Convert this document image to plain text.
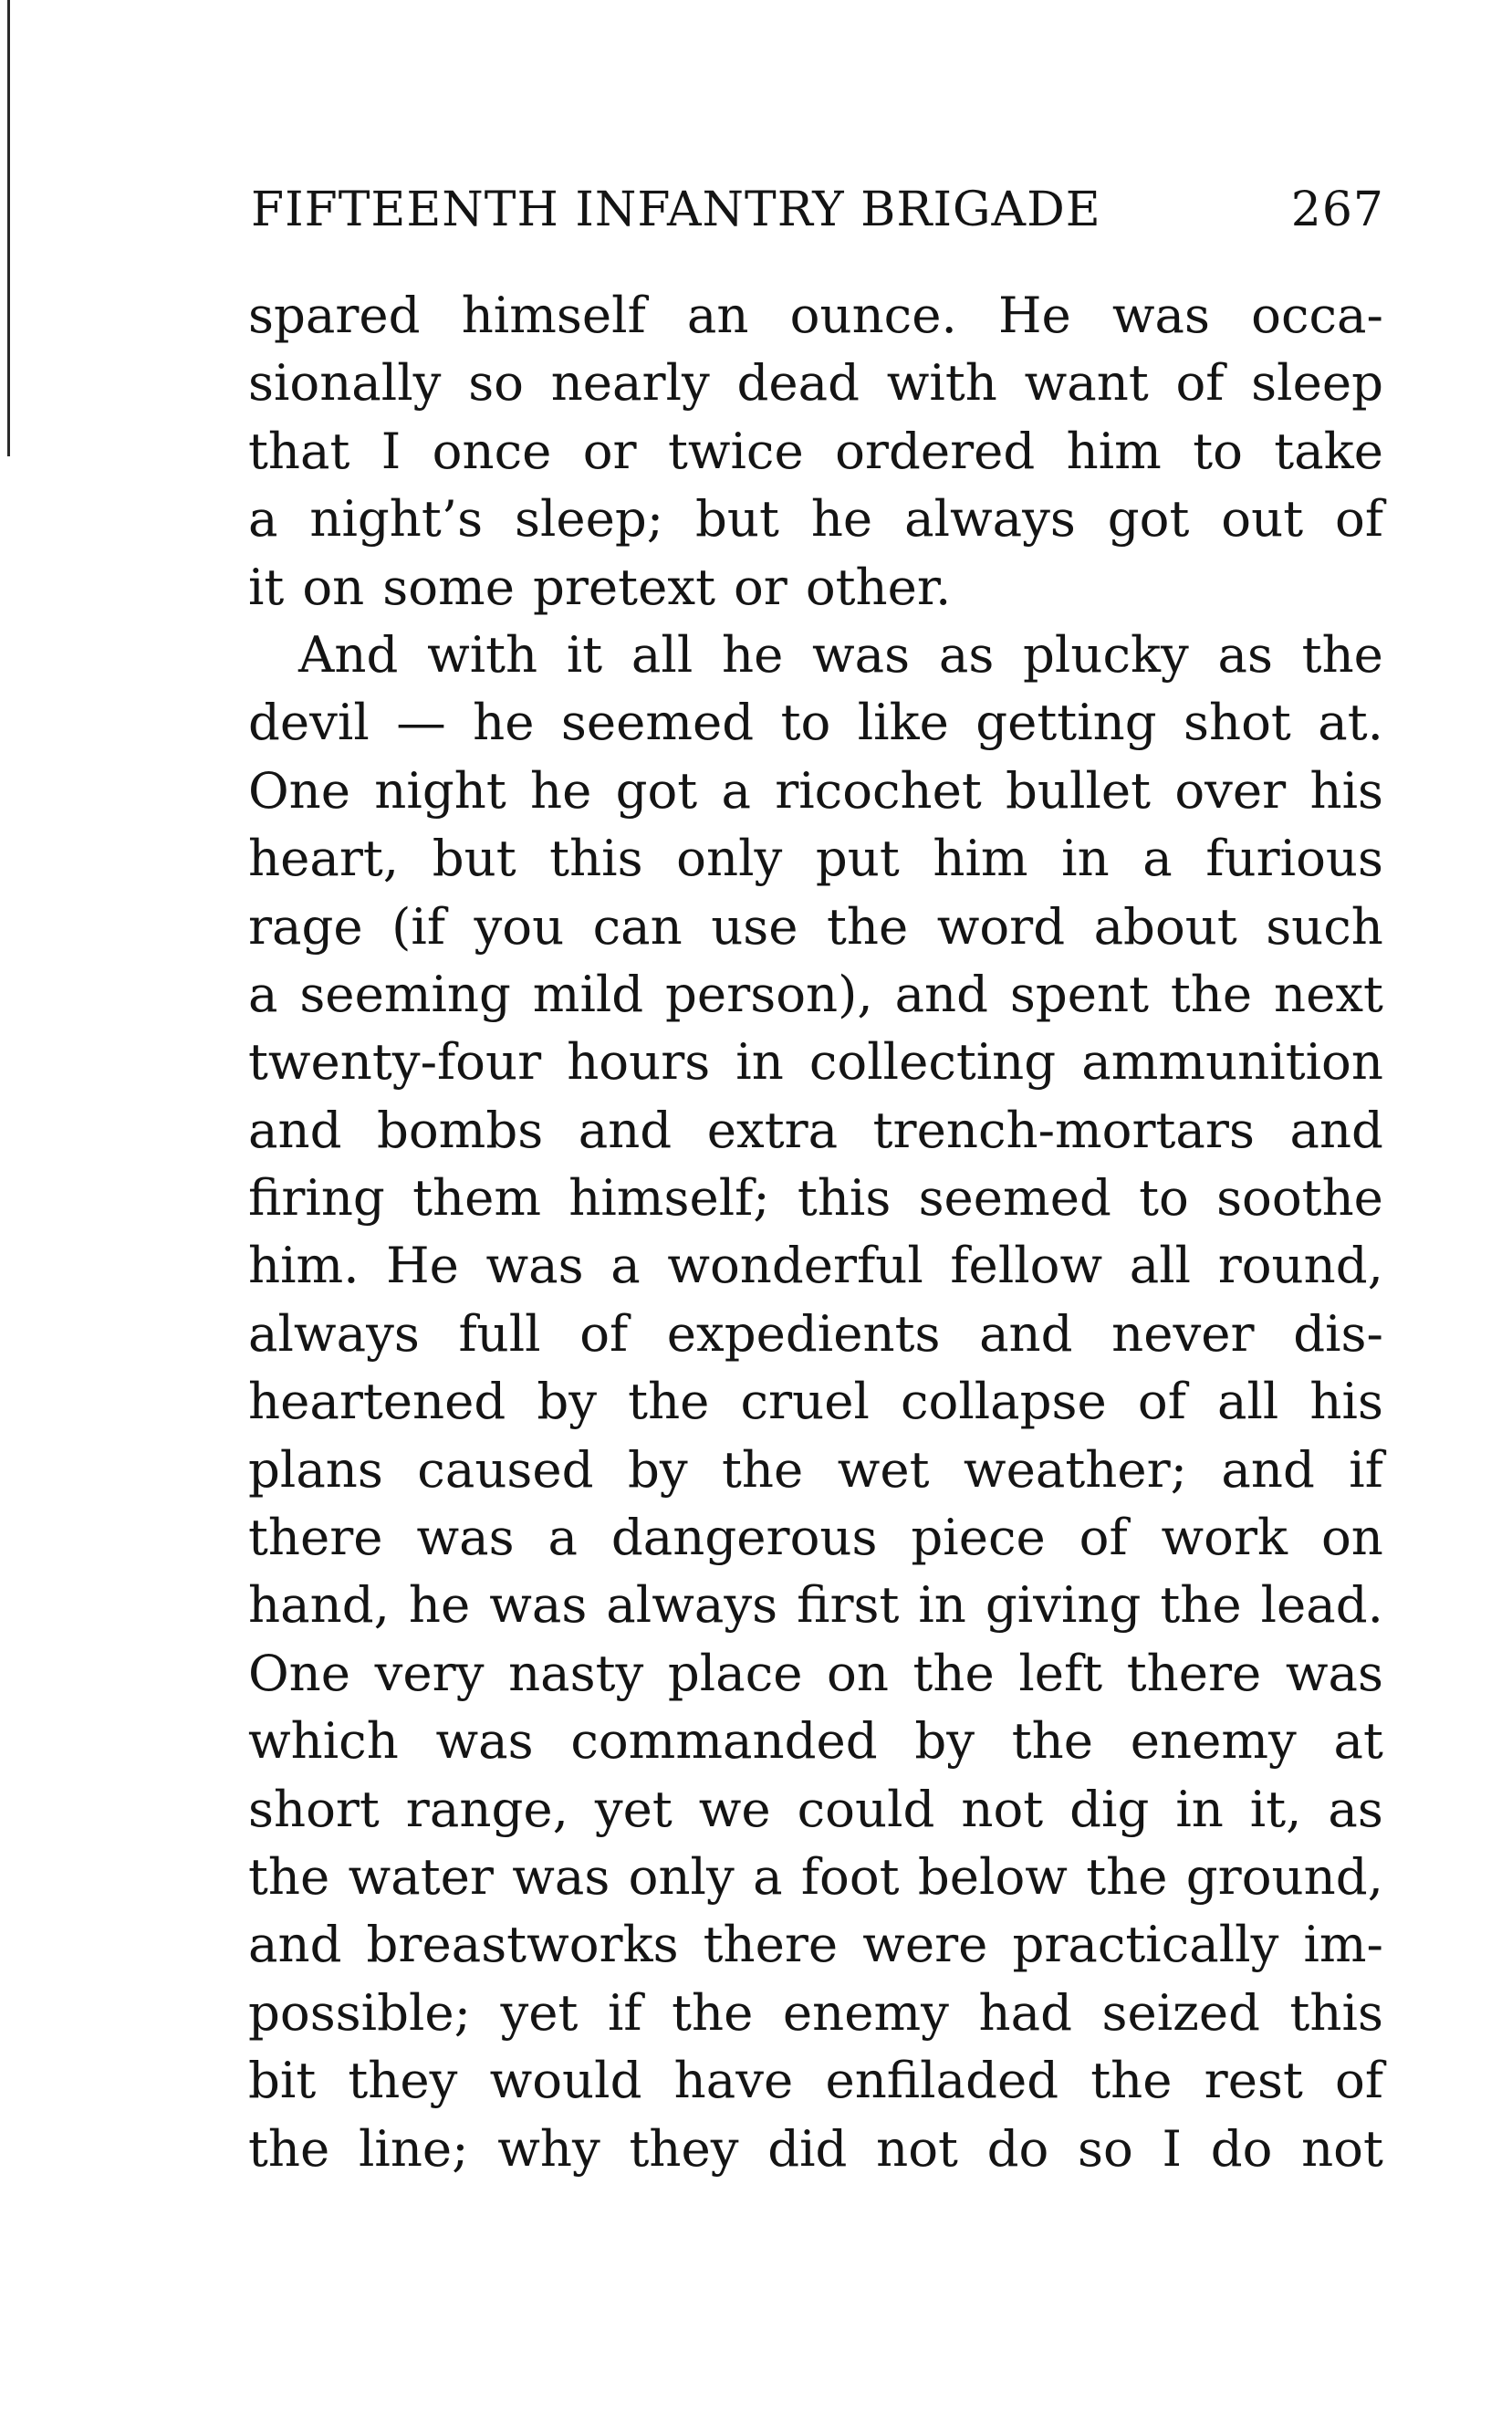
FIFTEENTH INFANTRY BRIGADE	267
spared himself an ounce. He was occa-
sionally so nearly dead with want of sleep
that I once or twice ordered him to take
a night’s sleep; but he always got out of
it on some pretext or other.
And with it all he was as plucky as the
devil — he seemed to like getting shot at.
One night he got a ricochet bullet over his
heart, but this only put him in a furious
rage (if you can use the word about such
a seeming mild person), and spent the next
twenty-four hours in collecting ammunition
and bombs and extra trench-mortars and
firing them himself; this seemed to soothe
him. He was a wonderful fellow all round,
always full of expedients and never dis-
heartened by the cruel collapse of all his
plans caused by the wet weather; and if
there was a dangerous piece of work on
hand, he was always first in giving the lead.
One very nasty place on the left there was
which was commanded by the enemy at
short range, yet we could not dig in it, as
the water was only a foot below the ground,
and breastworks there were practically im-
possible; yet if the enemy had seized this
bit they would have enfiladed the rest of
the line; why they did not do so I do not
